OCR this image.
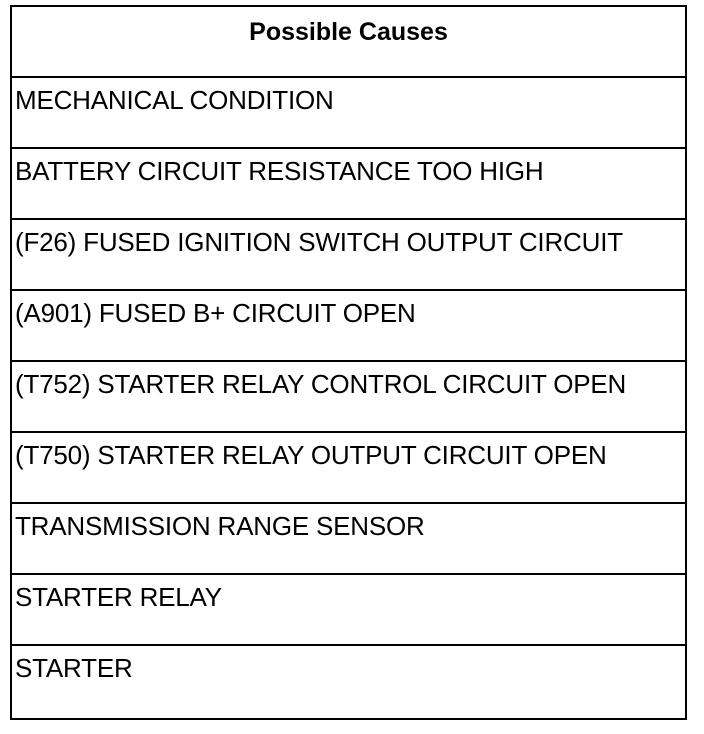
Possible Causes
MECHANICAL CONDITION
BATTERY CIRCUIT RESISTANCE TOO HIGH
(F26) FUSED IGNITION SWITCH OUTPUT CIRCUIT
(A901) FUSED B+ CIRCUIT OPEN
(T752) STARTER RELAY CONTROL CIRCUIT OPEN
(T750) STARTER RELAY OUTPUT CIRCUIT OPEN
TRANSMISSION RANGE SENSOR
STARTER RELAY
STARTER
